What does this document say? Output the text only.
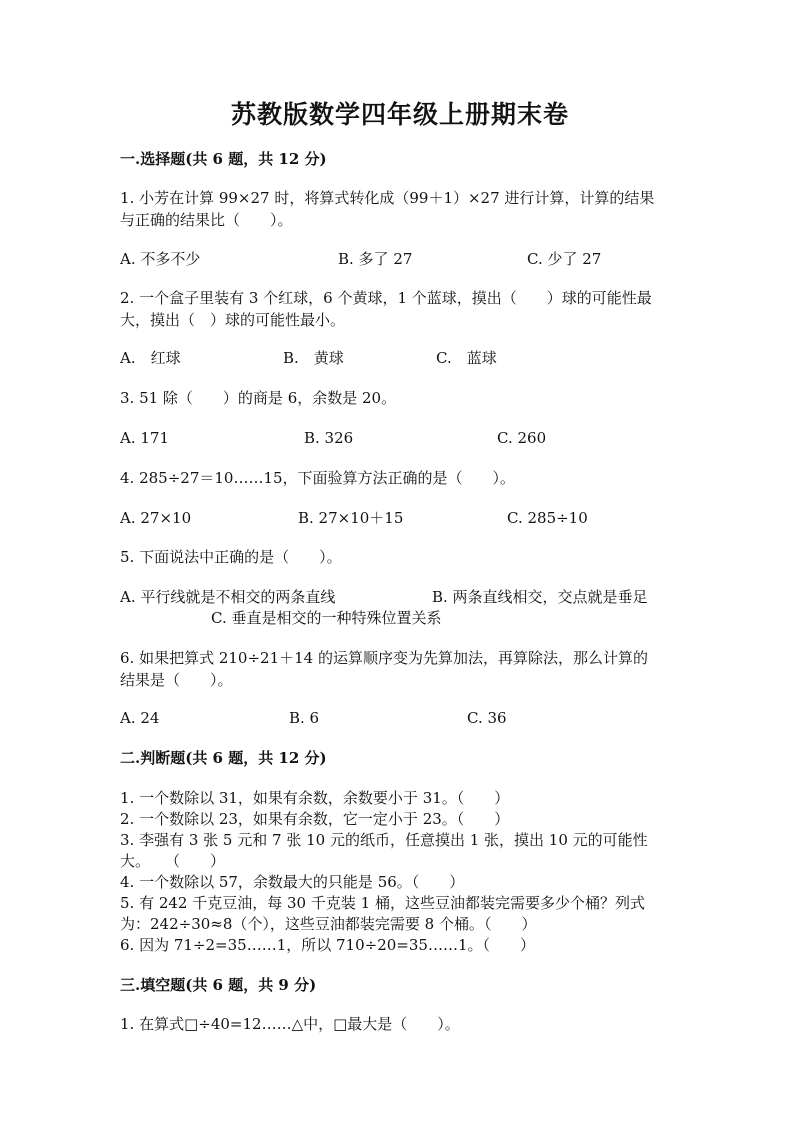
苏教版数学四年级上册期末卷
一.选择题(共 6 题，共 12 分)
1. 小芳在计算 99×27 时，将算式转化成（99＋1）×27 进行计算，计算的结果
与正确的结果比（　　）。
A. 不多不少	B. 多了 27	C. 少了 27
2. 一个盒子里装有 3 个红球，6 个黄球，1 个蓝球，摸出（　　）球的可能性最
大，摸出（　）球的可能性最小。
A.　红球	B.　黄球	C.　蓝球
3. 51 除（　　）的商是 6，余数是 20。
A. 171	B. 326	C. 260
4. 285÷27＝10……15，下面验算方法正确的是（　　）。
A. 27×10	B. 27×10＋15	C. 285÷10
5. 下面说法中正确的是（　　）。
A. 平行线就是不相交的两条直线	B. 两条直线相交，交点就是垂足
C. 垂直是相交的一种特殊位置关系
6. 如果把算式 210÷21＋14 的运算顺序变为先算加法，再算除法，那么计算的
结果是（　　）。
A. 24	B. 6	C. 36
二.判断题(共 6 题，共 12 分)
1. 一个数除以 31，如果有余数，余数要小于 31。（　　）
2. 一个数除以 23，如果有余数，它一定小于 23。（　　）
3. 李强有 3 张 5 元和 7 张 10 元的纸币，任意摸出 1 张，摸出 10 元的可能性
大。　　（　　）
4. 一个数除以 57，余数最大的只能是 56。（　　）
5. 有 242 千克豆油，每 30 千克装 1 桶，这些豆油都装完需要多少个桶？列式
为：242÷30≈8（个），这些豆油都装完需要 8 个桶。（　　）
6. 因为 71÷2=35……1，所以 710÷20=35……1。（　　）
三.填空题(共 6 题，共 9 分)
1. 在算式□÷40=12……△中，□最大是（　　）。
